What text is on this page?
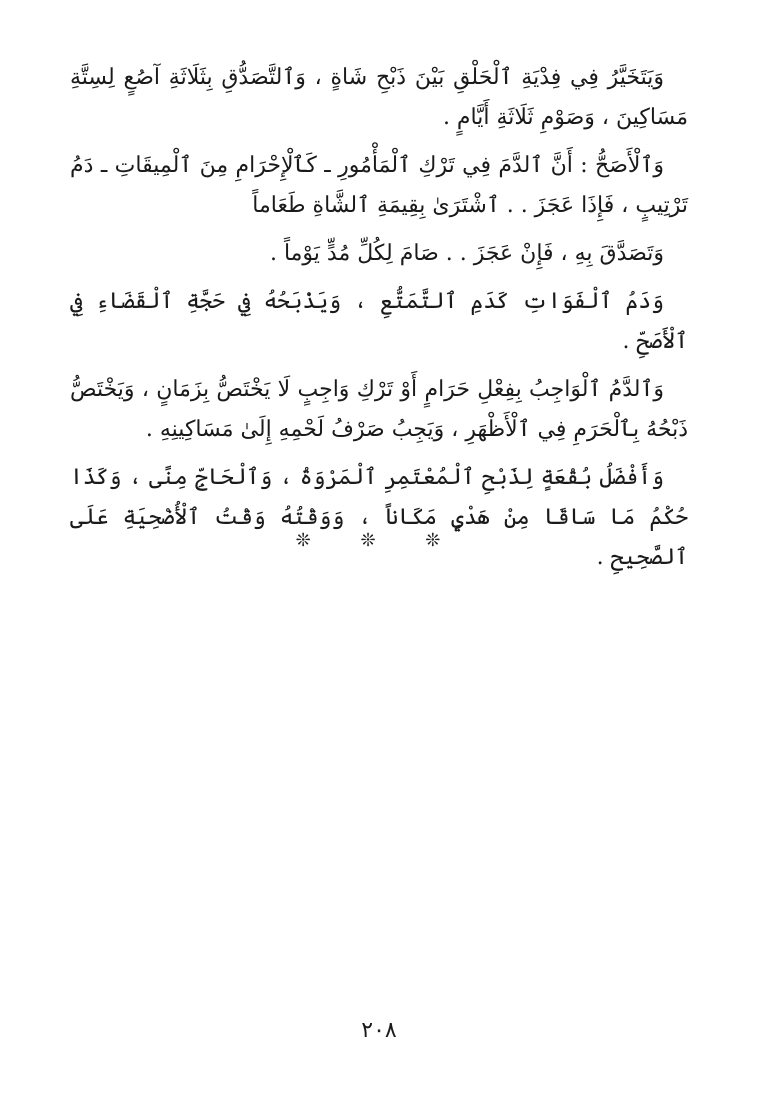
وَيَتَخَيَّرُ فِي فِدْيَةِ ٱلْحَلْقِ بَيْنَ ذَبْحِ شَاةٍ ، وَٱلتَّصَدُّقِ بِثَلَاثَةِ آصُعٍ لِسِتَّةِ مَسَاكِينَ ، وَصَوْمِ ثَلَاثَةِ أَيَّامٍ .

وَٱلْأَصَحُّ : أَنَّ ٱلدَّمَ فِي تَرْكِ ٱلْمَأْمُورِ ـ كَٱلْإِحْرَامِ مِنَ ٱلْمِيقَاتِ ـ دَمُ تَرْتِيبٍ ، فَإِذَا عَجَزَ . . ٱشْتَرَىٰ بِقِيمَةِ ٱلشَّاةِ طَعَاماً

وَتَصَدَّقَ بِهِ ، فَإِنْ عَجَزَ . . صَامَ لِكُلِّ مُدٍّ يَوْماً .

وَدَمُ ٱلْفَوَاتِ كَدَمِ ٱلتَّمَتُّعِ ، وَيَذْبَحُهُ فِي حَجَّةِ ٱلْقَضَاءِ فِي ٱلْأَصَحِّ .

وَٱلدَّمُ ٱلْوَاجِبُ بِفِعْلِ حَرَامٍ أَوْ تَرْكِ وَاجِبٍ لَا يَخْتَصُّ بِزَمَانٍ ، وَيَخْتَصُّ ذَبْحُهُ بِٱلْحَرَمِ فِي ٱلْأَظْهَرِ ، وَيَجِبُ صَرْفُ لَحْمِهِ إِلَىٰ مَسَاكِينِهِ .

وَأَفْضَلُ بُقْعَةٍ لِذَبْحِ ٱلْمُعْتَمِرِ ٱلْمَرْوَةُ ، وَٱلْحَاجِّ مِنًى ، وَكَذَا حُكْمُ مَا سَاقَا مِنْ هَدْيٍ مَكَاناً ، وَوَقْتُهُ وَقْتُ ٱلْأُضْحِيَةِ عَلَى ٱلصَّحِيحِ .

❊ ❊ ❊
٢٠٨
